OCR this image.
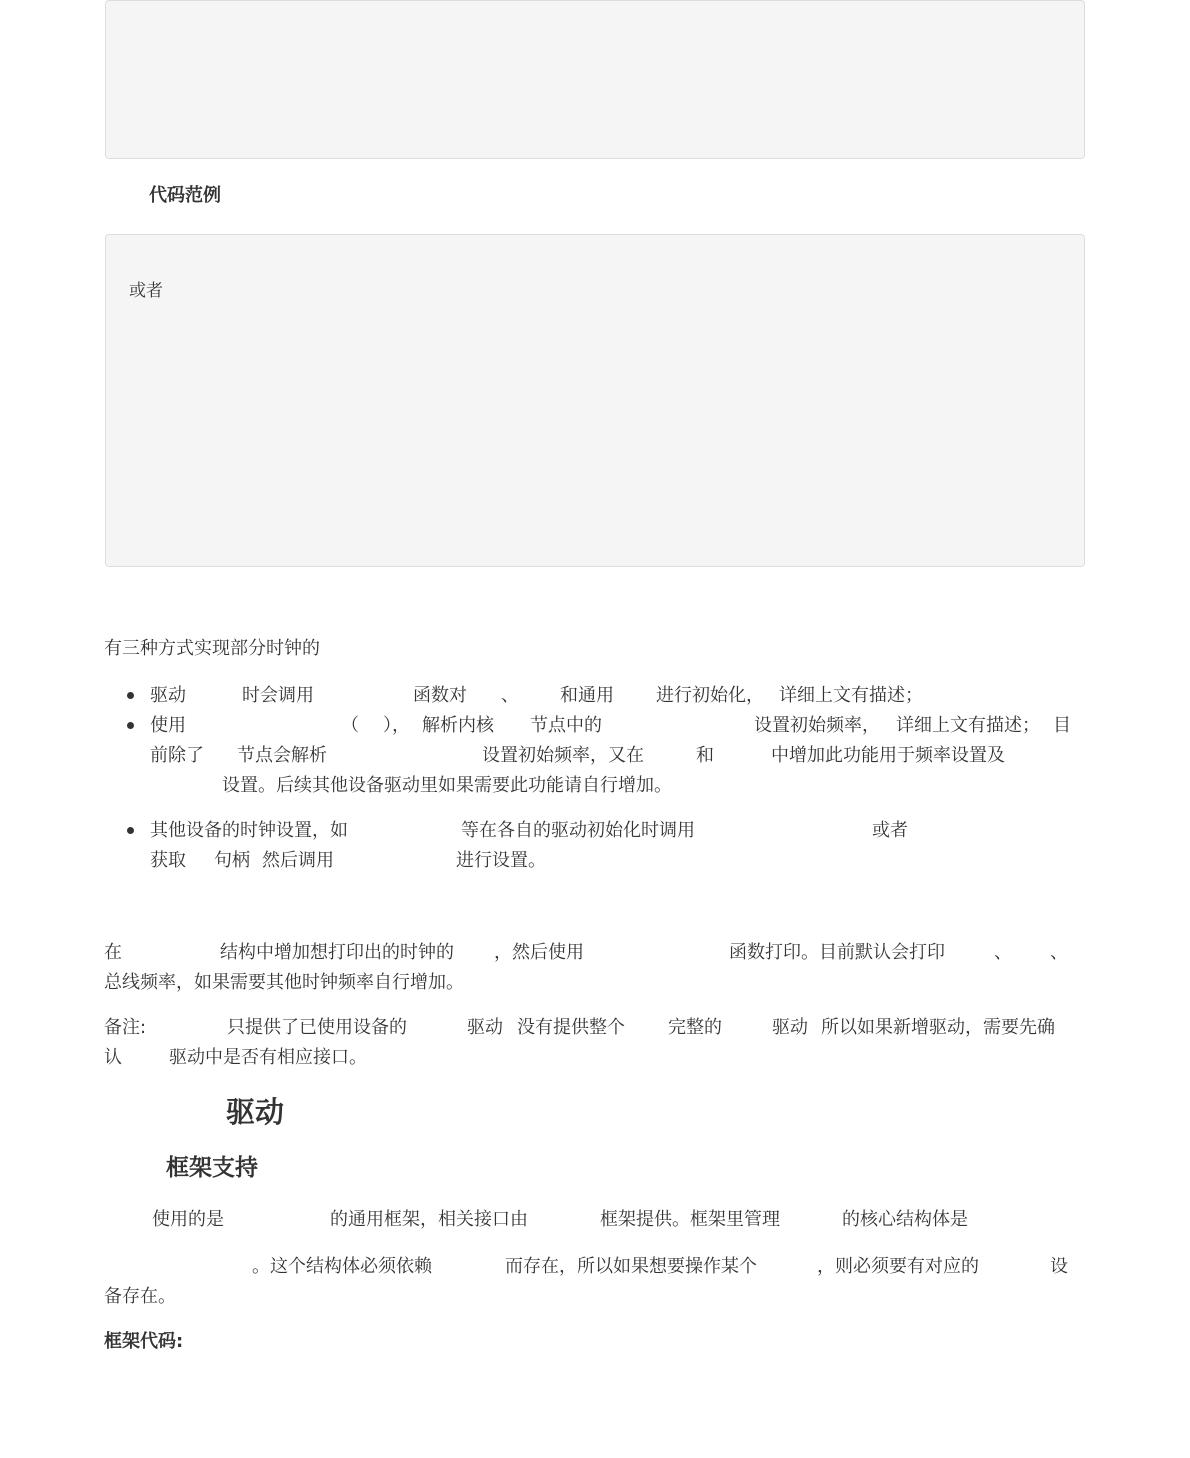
代码范例
或者
有三种方式实现部分时钟的
驱动	时会调用	函数对 、 和通用 进行初始化， 详细上文有描述；
使用	（ ）， 解析内核 节点中的	设置初始频率， 详细上文有描述； 目
前除了 节点会解析	设置初始频率，又在	和	中增加此功能用于频率设置及
设置。后续其他设备驱动里如果需要此功能请自行增加。
其他设备的时钟设置，如	等在各自的驱动初始化时调用	或者
获取 句柄 然后调用	进行设置。
在	结构中增加想打印出的时钟的 ，然后使用	函数打印。目前默认会打印	、 、
总线频率，如果需要其他时钟频率自行增加。
备注:	只提供了已使用设备的	驱动 没有提供整个 完整的	驱动 所以如果新增驱动，需要先确
认	驱动中是否有相应接口。
驱动
框架支持
使用的是	的通用框架，相关接口由	框架提供。框架里管理	的核心结构体是
。这个结构体必须依赖	而存在，所以如果想要操作某个	，则必须要有对应的	设
备存在。
框架代码:
